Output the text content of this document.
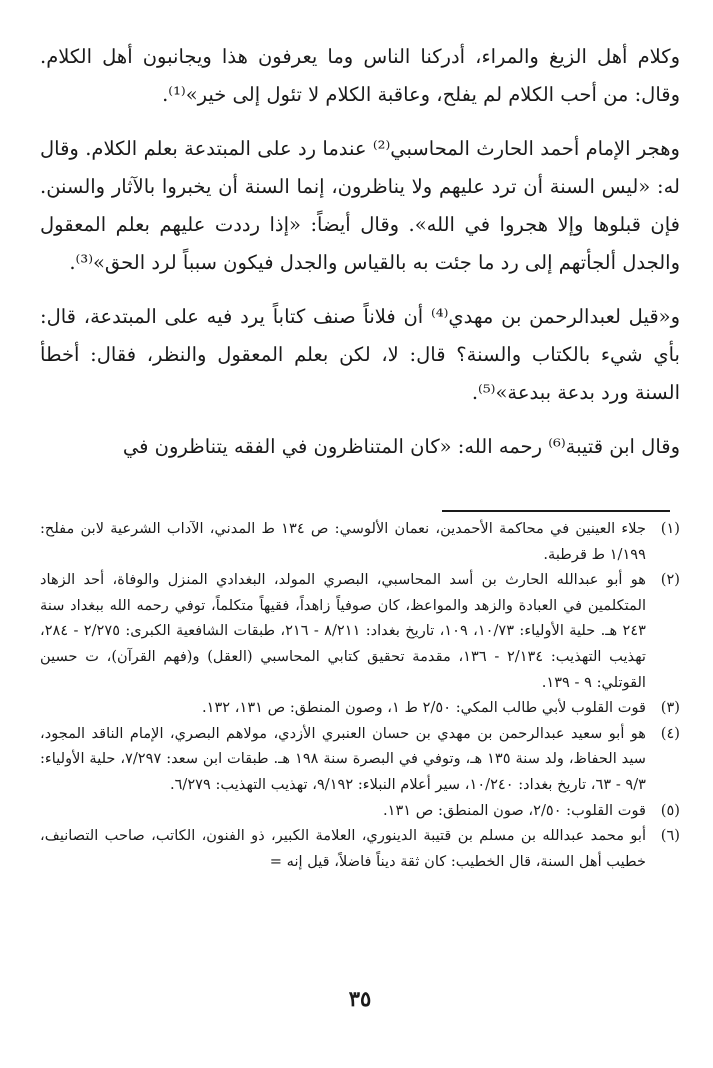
وكلام أهل الزيغ والمراء، أدركنا الناس وما يعرفون هذا ويجانبون أهل الكلام. وقال: من أحب الكلام لم يفلح، وعاقبة الكلام لا تئول إلى خير»⁽¹⁾.

وهجر الإمام أحمد الحارث المحاسبي⁽²⁾ عندما رد على المبتدعة بعلم الكلام. وقال له: «ليس السنة أن ترد عليهم ولا يناظرون، إنما السنة أن يخبروا بالآثار والسنن. فإن قبلوها وإلا هجروا في الله». وقال أيضاً: «إذا رددت عليهم بعلم المعقول والجدل ألجأتهم إلى رد ما جئت به بالقياس والجدل فيكون سبباً لرد الحق»⁽³⁾.

و«قيل لعبدالرحمن بن مهدي⁽⁴⁾ أن فلاناً صنف كتاباً يرد فيه على المبتدعة، قال: بأي شيء بالكتاب والسنة؟ قال: لا، لكن بعلم المعقول والنظر، فقال: أخطأ السنة ورد بدعة ببدعة»⁽⁵⁾.

وقال ابن قتيبة⁽⁶⁾ رحمه الله: «كان المتناظرون في الفقه يتناظرون في

(١)
جلاء العينين في محاكمة الأحمدين، نعمان الألوسي: ص ١٣٤ ط المدني، الآداب الشرعية لابن مفلح: ١/١٩٩ ط قرطبة.
(٢)
هو أبو عبدالله الحارث بن أسد المحاسبي، البصري المولد، البغدادي المنزل والوفاة، أحد الزهاد المتكلمين في العبادة والزهد والمواعظ، كان صوفياً زاهداً، فقيهاً متكلماً، توفي رحمه الله ببغداد سنة ٢٤٣ هـ. حلية الأولياء: ١٠/٧٣، ١٠٩، تاريخ بغداد: ٨/٢١١ - ٢١٦، طبقات الشافعية الكبرى: ٢/٢٧٥ - ٢٨٤، تهذيب التهذيب: ٢/١٣٤ - ١٣٦، مقدمة تحقيق كتابي المحاسبي (العقل) و(فهم القرآن)، ت حسين القوتلي: ٩ - ١٣٩.
(٣)
قوت القلوب لأبي طالب المكي: ٢/٥٠ ط ١، وصون المنطق: ص ١٣١، ١٣٢.
(٤)
هو أبو سعيد عبدالرحمن بن مهدي بن حسان العنبري الأزدي، مولاهم البصري، الإمام الناقد المجود، سيد الحفاظ، ولد سنة ١٣٥ هـ، وتوفي في البصرة سنة ١٩٨ هـ. طبقات ابن سعد: ٧/٢٩٧، حلية الأولياء: ٩/٣ - ٦٣، تاريخ بغداد: ١٠/٢٤٠، سير أعلام النبلاء: ٩/١٩٢، تهذيب التهذيب: ٦/٢٧٩.
(٥)
قوت القلوب: ٢/٥٠، صون المنطق: ص ١٣١.
(٦)
أبو محمد عبدالله بن مسلم بن قتيبة الدينوري، العلامة الكبير، ذو الفنون، الكاتب، صاحب التصانيف، خطيب أهل السنة، قال الخطيب: كان ثقة ديناً فاضلاً، قيل إنه =
٣٥
